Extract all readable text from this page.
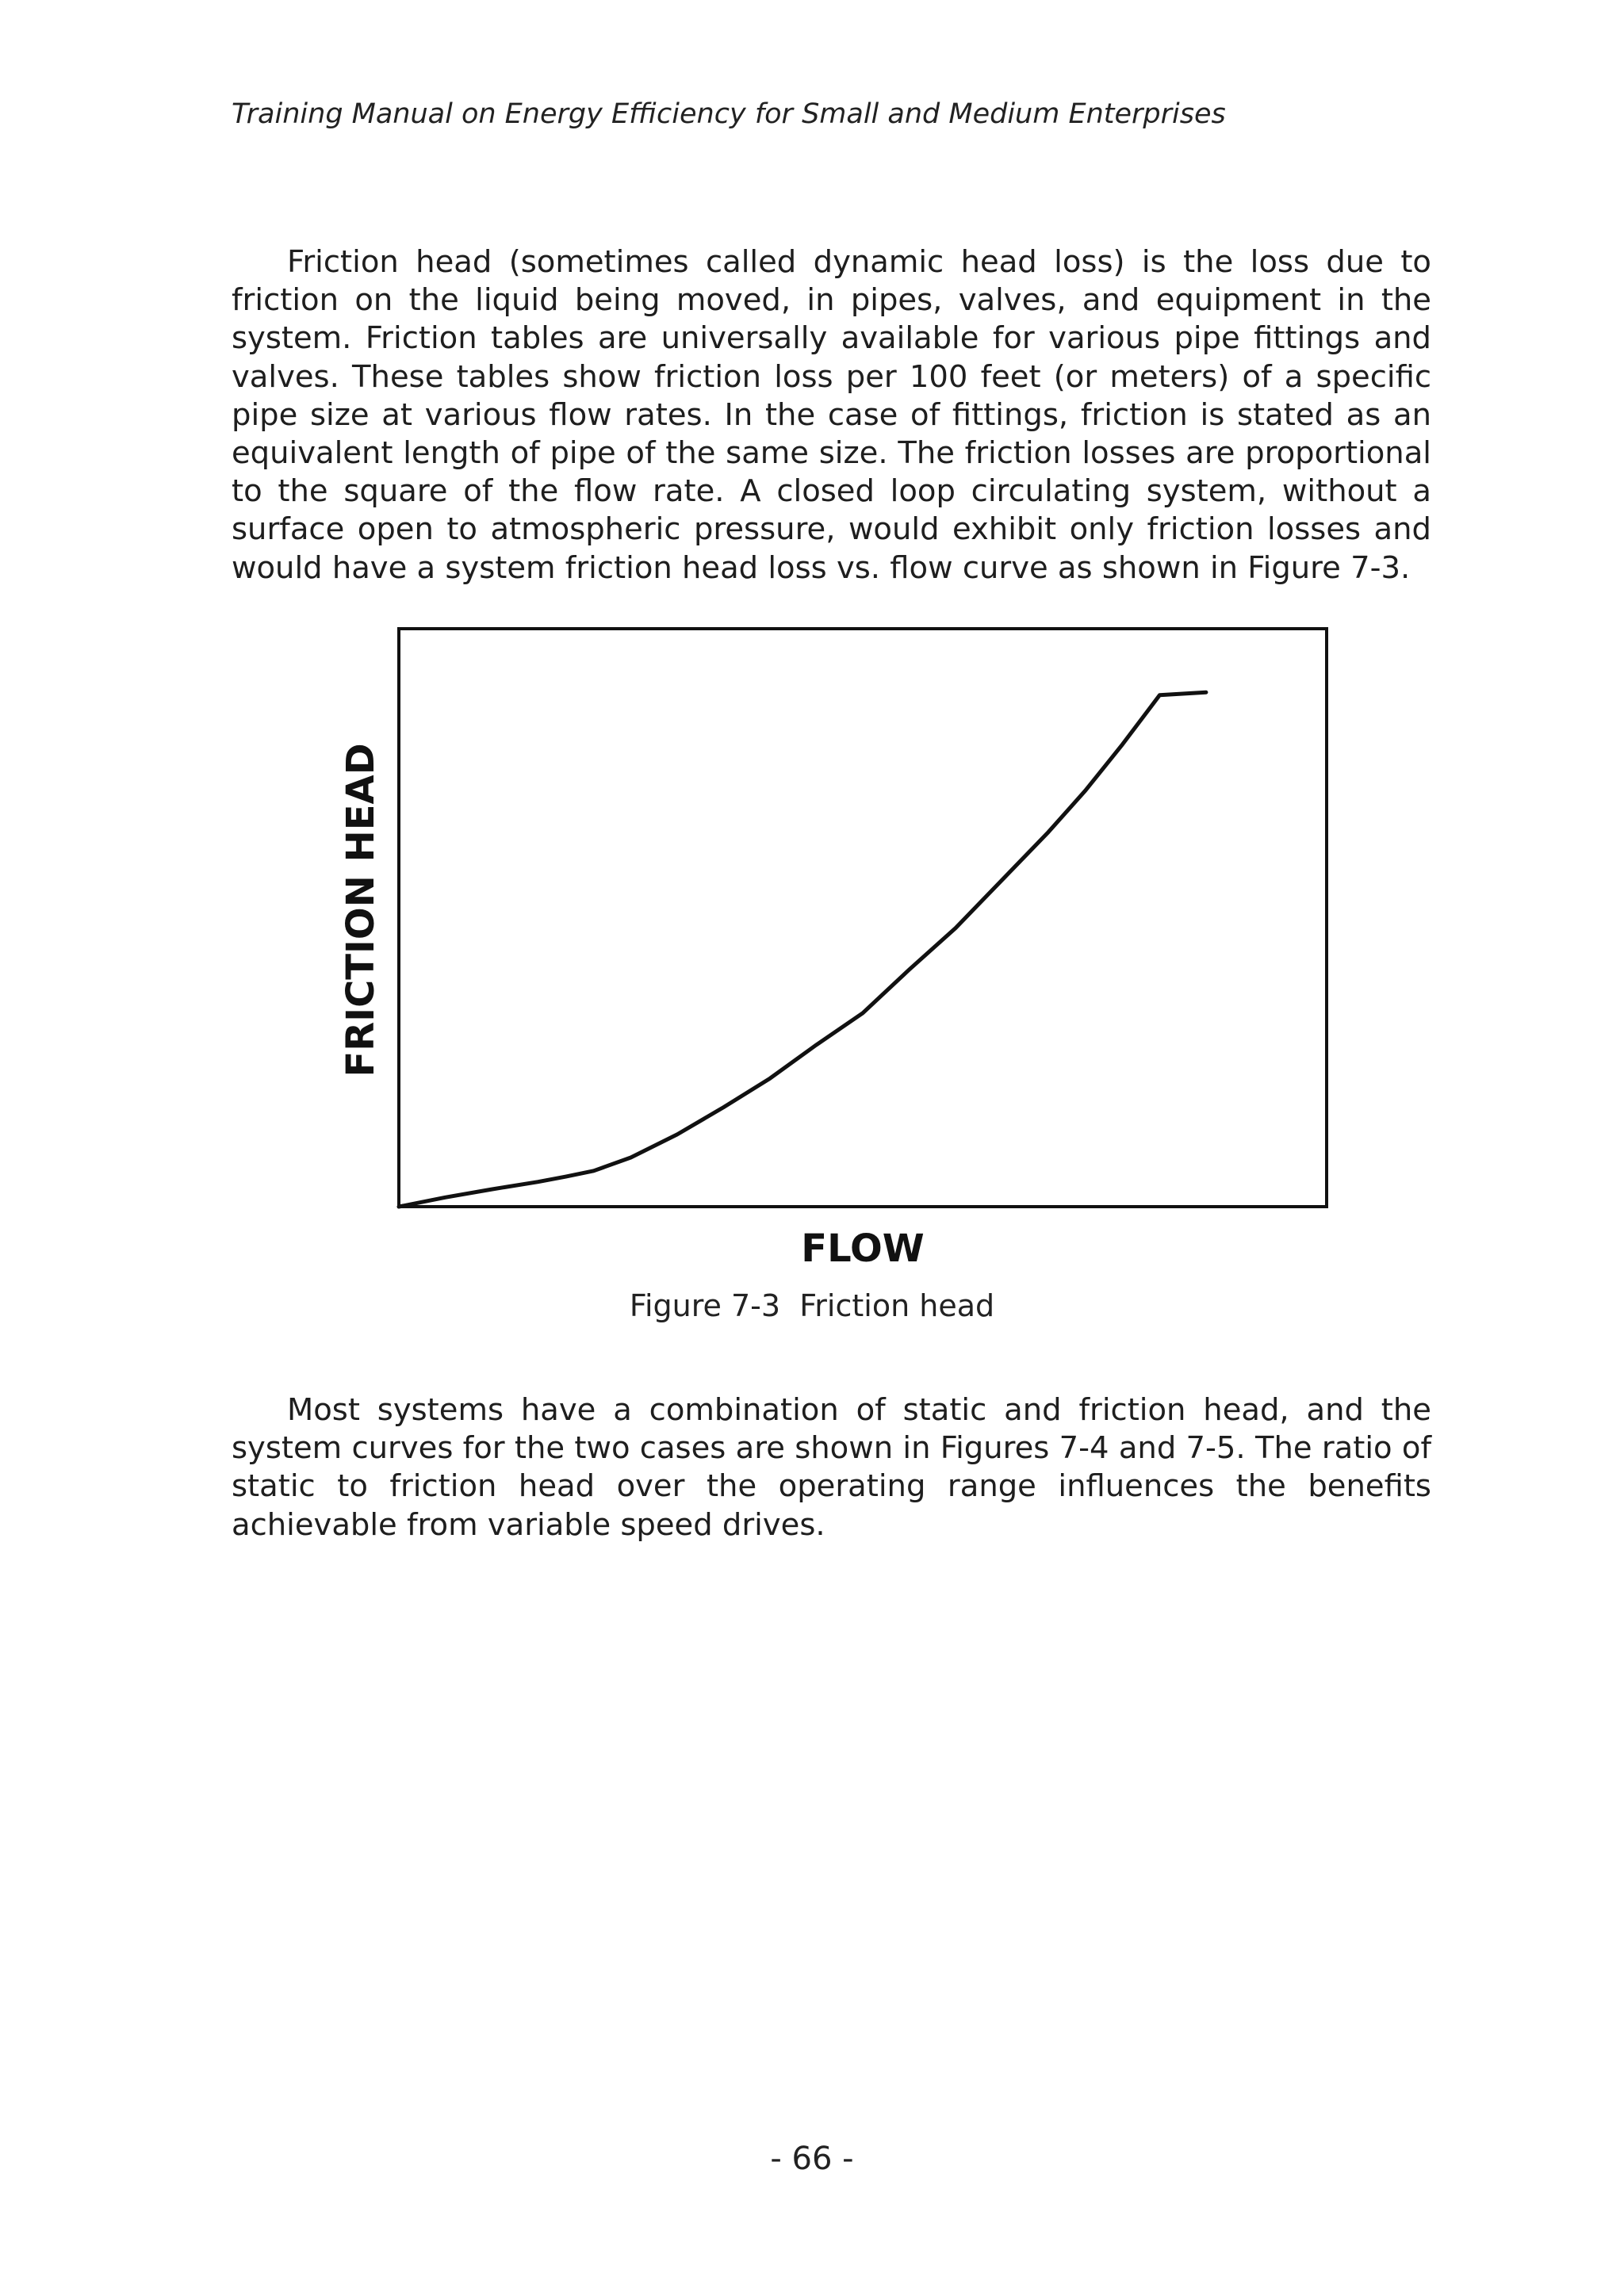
Training Manual on Energy Efficiency for Small and Medium Enterprises

Friction head (sometimes called dynamic head loss) is the loss due to friction on the liquid being moved, in pipes, valves, and equipment in the system. Friction tables are universally available for various pipe fittings and valves. These tables show friction loss per 100 feet (or meters) of a specific pipe size at various flow rates. In the case of fittings, friction is stated as an equivalent length of pipe of the same size. The friction losses are proportional to the square of the flow rate. A closed loop circulating system, without a surface open to atmospheric pressure, would exhibit only friction losses and would have a system friction head loss vs. flow curve as shown in Figure 7-3.

FLOW
FRICTION HEAD
Figure 7-3  Friction head

Most systems have a combination of static and friction head, and the system curves for the two cases are shown in Figures 7-4 and 7-5. The ratio of static to friction head over the operating range influences the benefits achievable from variable speed drives.

- 66 -
